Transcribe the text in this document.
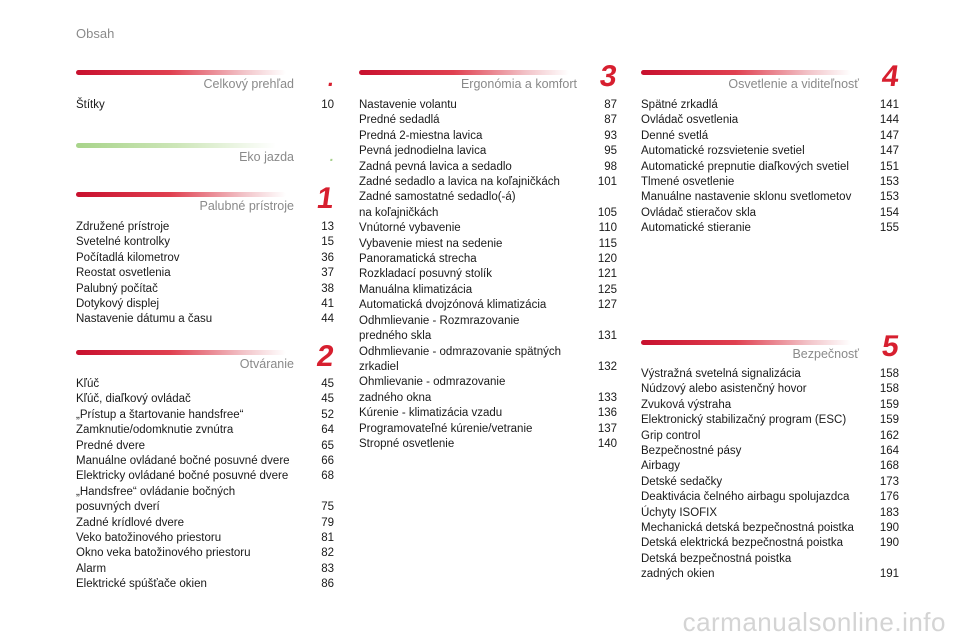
Obsah
Celkový prehľad .
Štítky	10
Eko jazda .
Palubné prístroje 1
Združené prístroje	13
Svetelné kontrolky	15
Počítadlá kilometrov	36
Reostat osvetlenia	37
Palubný počítač	38
Dotykový displej	41
Nastavenie dátumu a času	44
Otváranie 2
Kľúč	45
Kľúč, diaľkový ovládač	45
„Prístup a štartovanie handsfree“	52
Zamknutie/odomknutie zvnútra	64
Predné dvere	65
Manuálne ovládané bočné posuvné dvere	66
Elektricky ovládané bočné posuvné dvere	68
„Handsfree“ ovládanie bočných
posuvných dverí	75
Zadné krídlové dvere	79
Veko batožinového priestoru	81
Okno veka batožinového priestoru	82
Alarm	83
Elektrické spúšťače okien	86
Ergonómia a komfort 3
Nastavenie volantu	87
Predné sedadlá	87
Predná 2-miestna lavica	93
Pevná jednodielna lavica	95
Zadná pevná lavica a sedadlo	98
Zadné sedadlo a lavica na koľajničkách	101
Zadné samostatné sedadlo(-á)
na koľajničkách	105
Vnútorné vybavenie	110
Vybavenie miest na sedenie	115
Panoramatická strecha	120
Rozkladací posuvný stolík	121
Manuálna klimatizácia	125
Automatická dvojzónová klimatizácia	127
Odhmlievanie - Rozmrazovanie
predného skla	131
Odhmlievanie - odmrazovanie spätných
zrkadiel	132
Ohmlievanie - odmrazovanie
zadného okna	133
Kúrenie - klimatizácia vzadu	136
Programovateľné kúrenie/vetranie	137
Stropné osvetlenie	140
Osvetlenie a viditeľnosť 4
Spätné zrkadlá	141
Ovládač osvetlenia	144
Denné svetlá	147
Automatické rozsvietenie svetiel	147
Automatické prepnutie diaľkových svetiel	151
Tlmené osvetlenie	153
Manuálne nastavenie sklonu svetlometov	153
Ovládač stieračov skla	154
Automatické stieranie	155
Bezpečnosť 5
Výstražná svetelná signalizácia	158
Núdzový alebo asistenčný hovor	158
Zvuková výstraha	159
Elektronický stabilizačný program (ESC)	159
Grip control	162
Bezpečnostné pásy	164
Airbagy	168
Detské sedačky	173
Deaktivácia čelného airbagu spolujazdca	176
Úchyty ISOFIX	183
Mechanická detská bezpečnostná poistka	190
Detská elektrická bezpečnostná poistka	190
Detská bezpečnostná poistka
zadných okien	191
carmanualsonline.info
